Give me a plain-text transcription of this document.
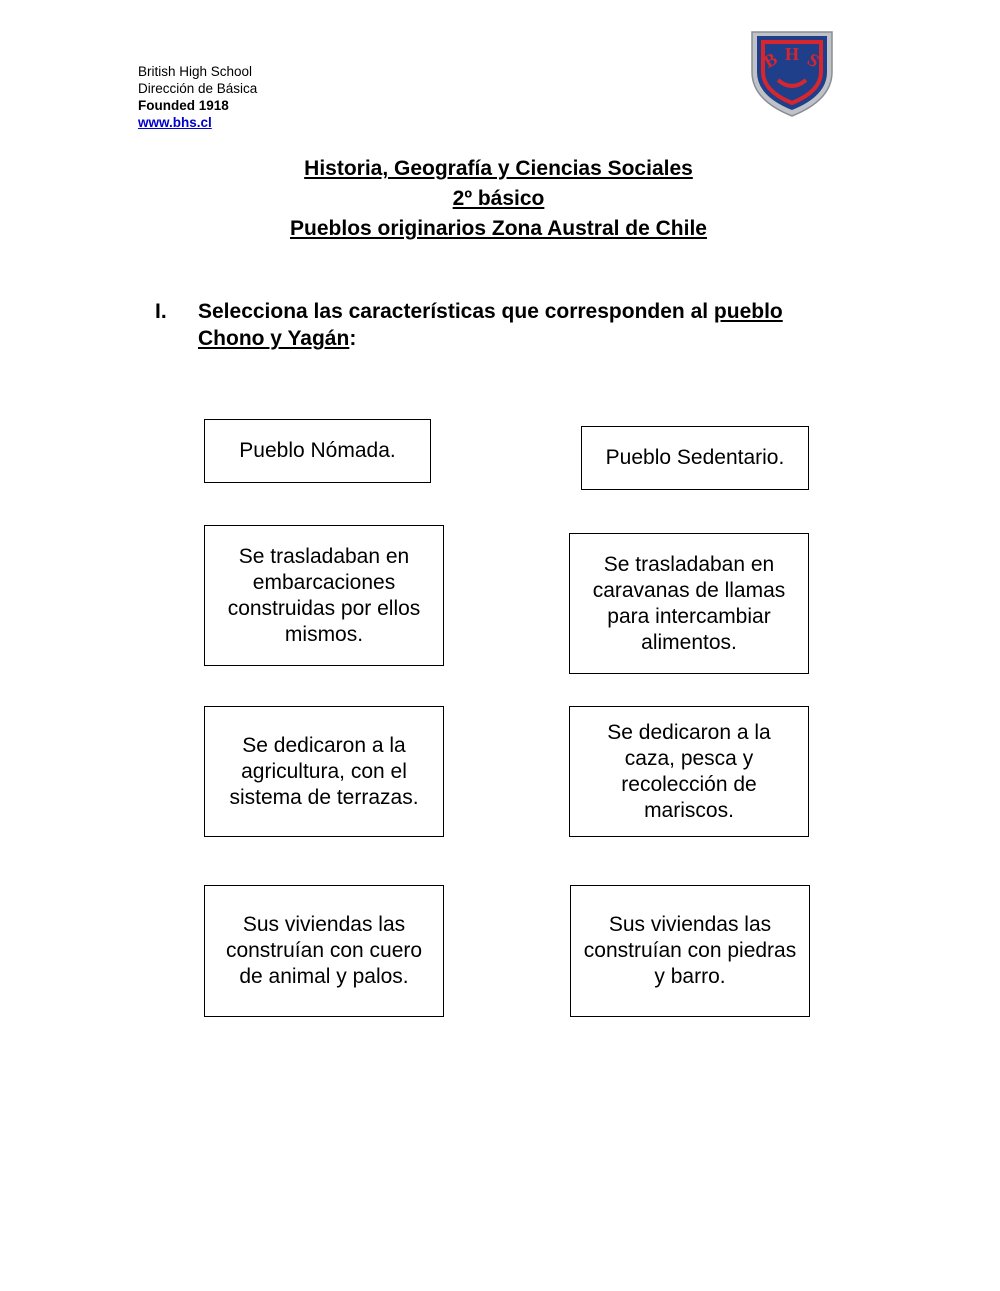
British High School
Dirección de Básica
Founded 1918
www.bhs.cl
B H S
Historia, Geografía y Ciencias Sociales
2º básico
Pueblos originarios Zona Austral de Chile
I. Selecciona las características que corresponden al pueblo Chono y Yagán:
Pueblo Nómada.	Pueblo Sedentario.
Se trasladaban en embarcaciones construidas por ellos mismos.
Se trasladaban en caravanas de llamas para intercambiar alimentos.
Se dedicaron a la agricultura, con el sistema de terrazas.
Se dedicaron a la caza, pesca y recolección de mariscos.
Sus viviendas las construían con cuero de animal y palos.
Sus viviendas las construían con piedras y barro.
